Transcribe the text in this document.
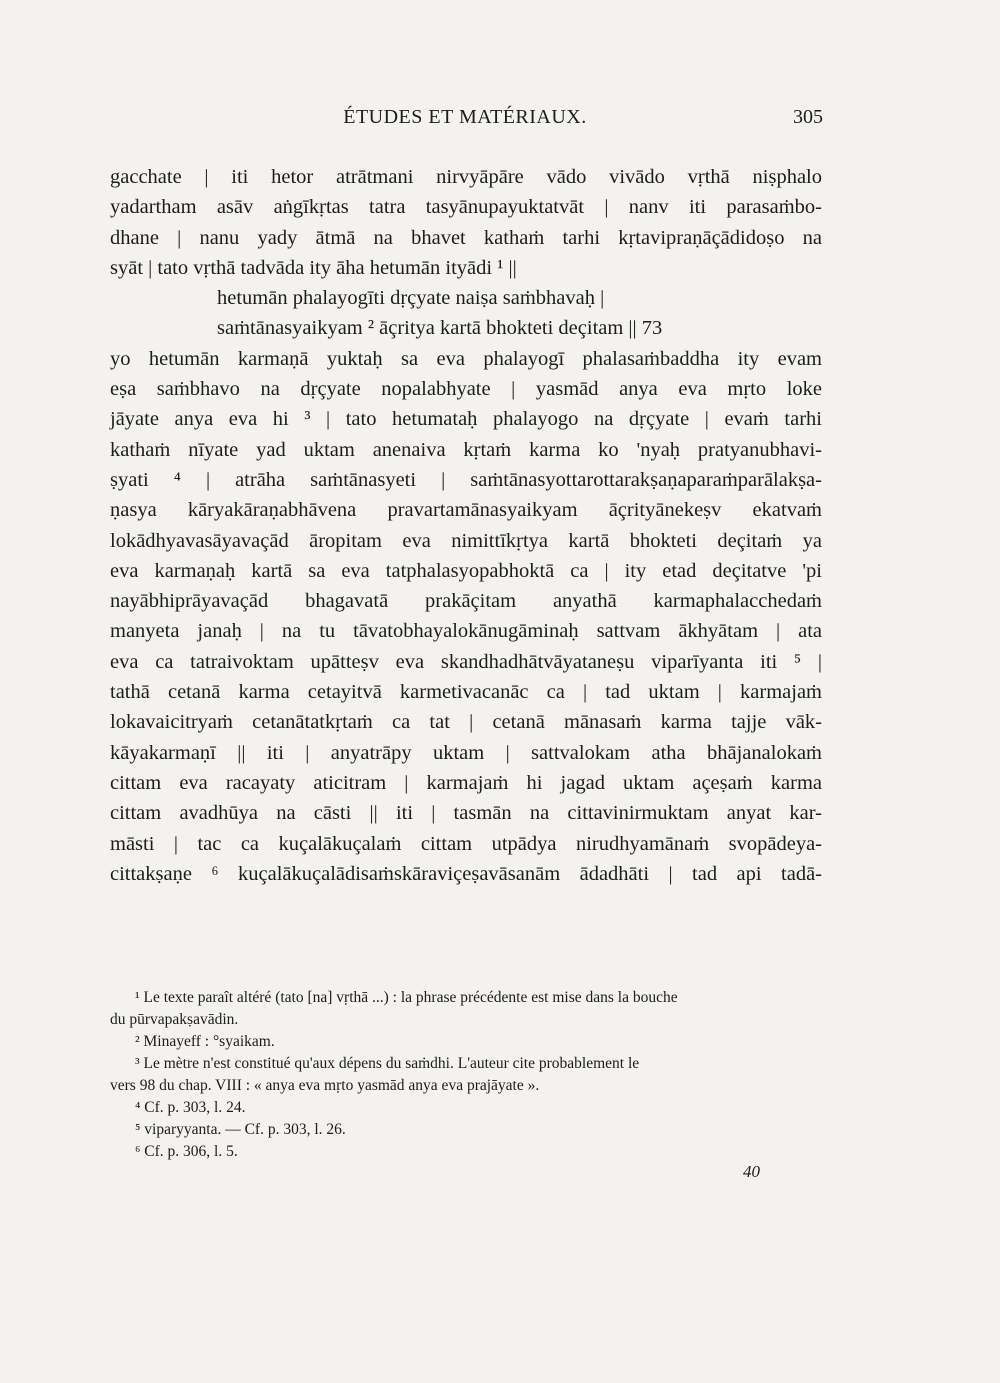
ÉTUDES ET MATÉRIAUX.	305
gacchate | iti hetor atrātmani nirvyāpāre vādo vivādo vṛthā niṣphalo
yadartham asāv aṅgīkṛtas tatra tasyānupayuktatvāt | nanv iti parasaṁbo-
dhane | nanu yady ātmā na bhavet kathaṁ tarhi kṛtavipraṇāçādidoṣo na
syāt | tato vṛthā tadvāda ity āha hetumān ityādi ¹ ||
hetumān phalayogīti dṛçyate naiṣa saṁbhavaḥ |
saṁtānasyaikyam ² āçritya kartā bhokteti deçitam || 73
yo hetumān karmaṇā yuktaḥ sa eva phalayogī phalasaṁbaddha ity evam
eṣa saṁbhavo na dṛçyate nopalabhyate | yasmād anya eva mṛto loke
jāyate anya eva hi ³ | tato hetumataḥ phalayogo na dṛçyate | evaṁ tarhi
kathaṁ nīyate yad uktam anenaiva kṛtaṁ karma ko 'nyaḥ pratyanubhavi-
ṣyati ⁴ | atrāha saṁtānasyeti | saṁtānasyottarottarakṣaṇaparaṁparālakṣa-
ṇasya kāryakāraṇabhāvena pravartamānasyaikyam āçrityānekeṣv ekatvaṁ
lokādhyavasāyavaçād āropitam eva nimittīkṛtya kartā bhokteti deçitaṁ ya
eva karmaṇaḥ kartā sa eva tatphalasyopabhoktā ca | ity etad deçitatve 'pi
nayābhiprāyavaçād bhagavatā prakāçitam anyathā karmaphalacchedaṁ
manyeta janaḥ | na tu tāvatobhayalokānugāminaḥ sattvam ākhyātam | ata
eva ca tatraivoktam upātteṣv eva skandhadhātvāyataneṣu viparīyanta iti ⁵ |
tathā cetanā karma cetayitvā karmetivacanāc ca | tad uktam | karmajaṁ
lokavaicitryaṁ cetanātatkṛtaṁ ca tat | cetanā mānasaṁ karma tajje vāk-
kāyakarmaṇī || iti | anyatrāpy uktam | sattvalokam atha bhājanalokaṁ
cittam eva racayaty aticitram | karmajaṁ hi jagad uktam açeṣaṁ karma
cittam avadhūya na cāsti || iti | tasmān na cittavinirmuktam anyat kar-
māsti | tac ca kuçalākuçalaṁ cittam utpādya nirudhyamānaṁ svopādeya-
cittakṣaṇe ⁶ kuçalākuçalādisaṁskāraviçeṣavāsanām ādadhāti | tad api tadā-
¹ Le texte paraît altéré (tato [na] vṛthā ...) : la phrase précédente est mise dans la bouche
du pūrvapakṣavādin.
² Minayeff : °syaikam.
³ Le mètre n'est constitué qu'aux dépens du saṁdhi. L'auteur cite probablement le
vers 98 du chap. VIII : « anya eva mṛto yasmād anya eva prajāyate ».
⁴ Cf. p. 303, l. 24.
⁵ viparyyanta. — Cf. p. 303, l. 26.
⁶ Cf. p. 306, l. 5.
40
